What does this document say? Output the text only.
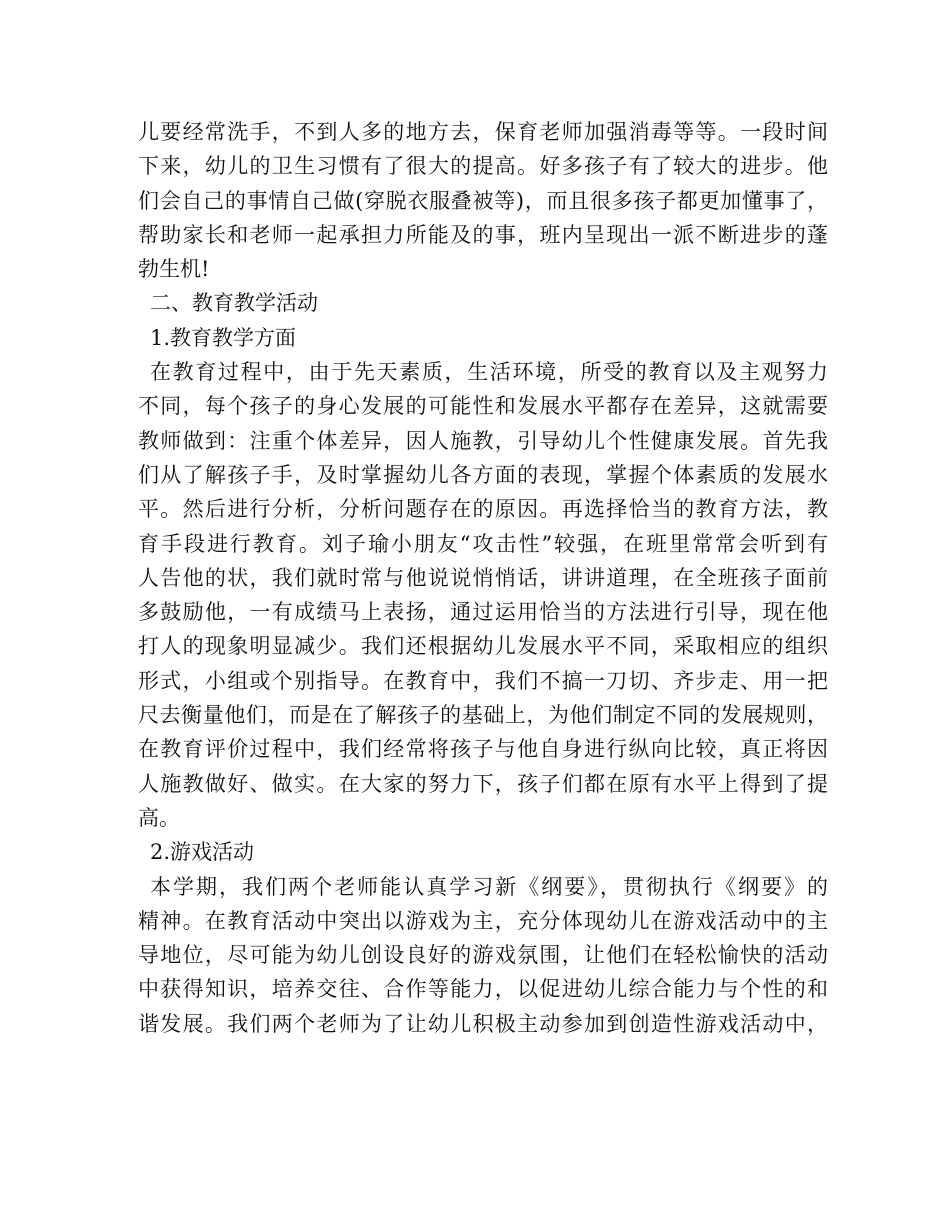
儿要经常洗手，不到人多的地方去，保育老师加强消毒等等。一段时间
下来，幼儿的卫生习惯有了很大的提高。好多孩子有了较大的进步。他
们会自己的事情自己做(穿脱衣服叠被等)，而且很多孩子都更加懂事了，
帮助家长和老师一起承担力所能及的事，班内呈现出一派不断进步的蓬
勃生机!
二、教育教学活动
1.教育教学方面
在教育过程中，由于先天素质，生活环境，所受的教育以及主观努力
不同，每个孩子的身心发展的可能性和发展水平都存在差异，这就需要
教师做到：注重个体差异，因人施教，引导幼儿个性健康发展。首先我
们从了解孩子手，及时掌握幼儿各方面的表现，掌握个体素质的发展水
平。然后进行分析，分析问题存在的原因。再选择恰当的教育方法，教
育手段进行教育。刘子瑜小朋友“攻击性”较强，在班里常常会听到有
人告他的状，我们就时常与他说说悄悄话，讲讲道理，在全班孩子面前
多鼓励他，一有成绩马上表扬，通过运用恰当的方法进行引导，现在他
打人的现象明显减少。我们还根据幼儿发展水平不同，采取相应的组织
形式，小组或个别指导。在教育中，我们不搞一刀切、齐步走、用一把
尺去衡量他们，而是在了解孩子的基础上，为他们制定不同的发展规则，
在教育评价过程中，我们经常将孩子与他自身进行纵向比较，真正将因
人施教做好、做实。在大家的努力下，孩子们都在原有水平上得到了提
高。
2.游戏活动
本学期，我们两个老师能认真学习新《纲要》，贯彻执行《纲要》的
精神。在教育活动中突出以游戏为主，充分体现幼儿在游戏活动中的主
导地位，尽可能为幼儿创设良好的游戏氛围，让他们在轻松愉快的活动
中获得知识，培养交往、合作等能力，以促进幼儿综合能力与个性的和
谐发展。我们两个老师为了让幼儿积极主动参加到创造性游戏活动中，
